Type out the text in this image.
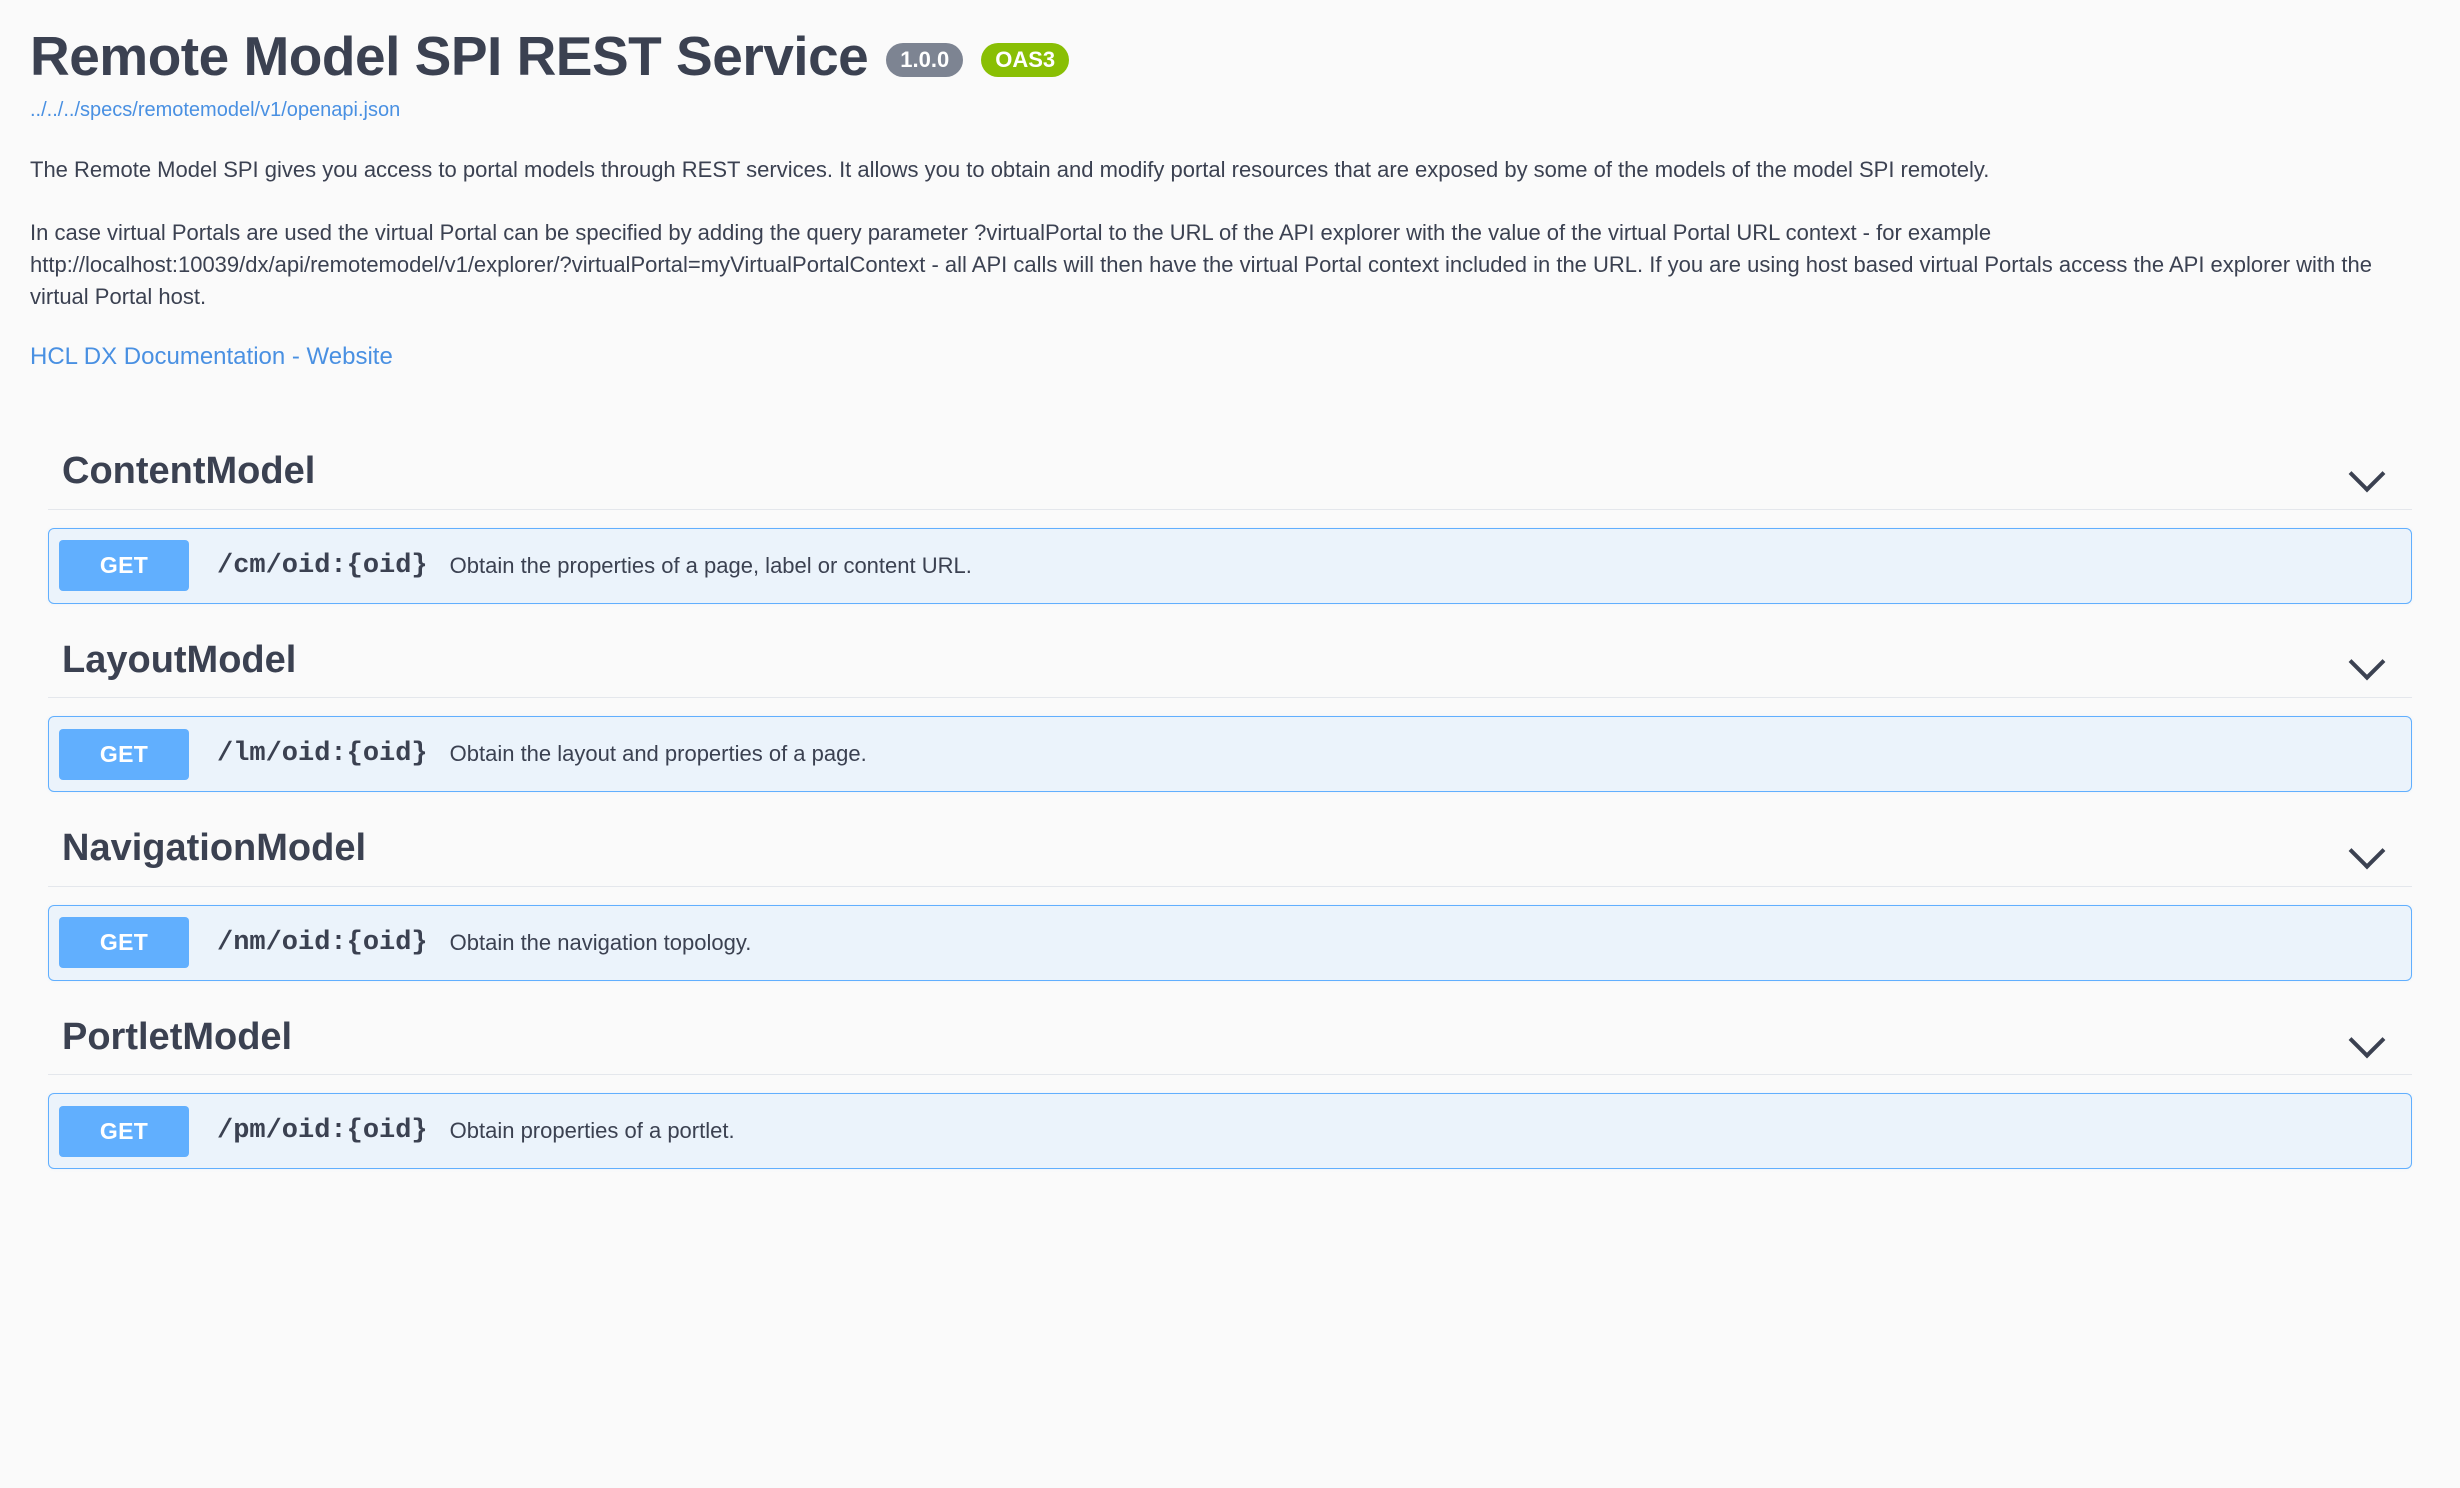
Remote Model SPI REST Service	1.0.0	OAS3
../../../specs/remotemodel/v1/openapi.json

The Remote Model SPI gives you access to portal models through REST services. It allows you to obtain and modify portal resources that are exposed by some of the models of the model SPI remotely.

In case virtual Portals are used the virtual Portal can be specified by adding the query parameter ?virtualPortal to the URL of the API explorer with the value of the virtual Portal URL context - for example http://localhost:10039/dx/api/remotemodel/v1/explorer/?virtualPortal=myVirtualPortalContext - all API calls will then have the virtual Portal context included in the URL. If you are using host based virtual Portals access the API explorer with the virtual Portal host.

HCL DX Documentation - Website
ContentModel
GET	/cm/oid:{oid} Obtain the properties of a page, label or content URL.
LayoutModel
GET	/lm/oid:{oid} Obtain the layout and properties of a page.
NavigationModel
GET	/nm/oid:{oid} Obtain the navigation topology.
PortletModel
GET	/pm/oid:{oid} Obtain properties of a portlet.
